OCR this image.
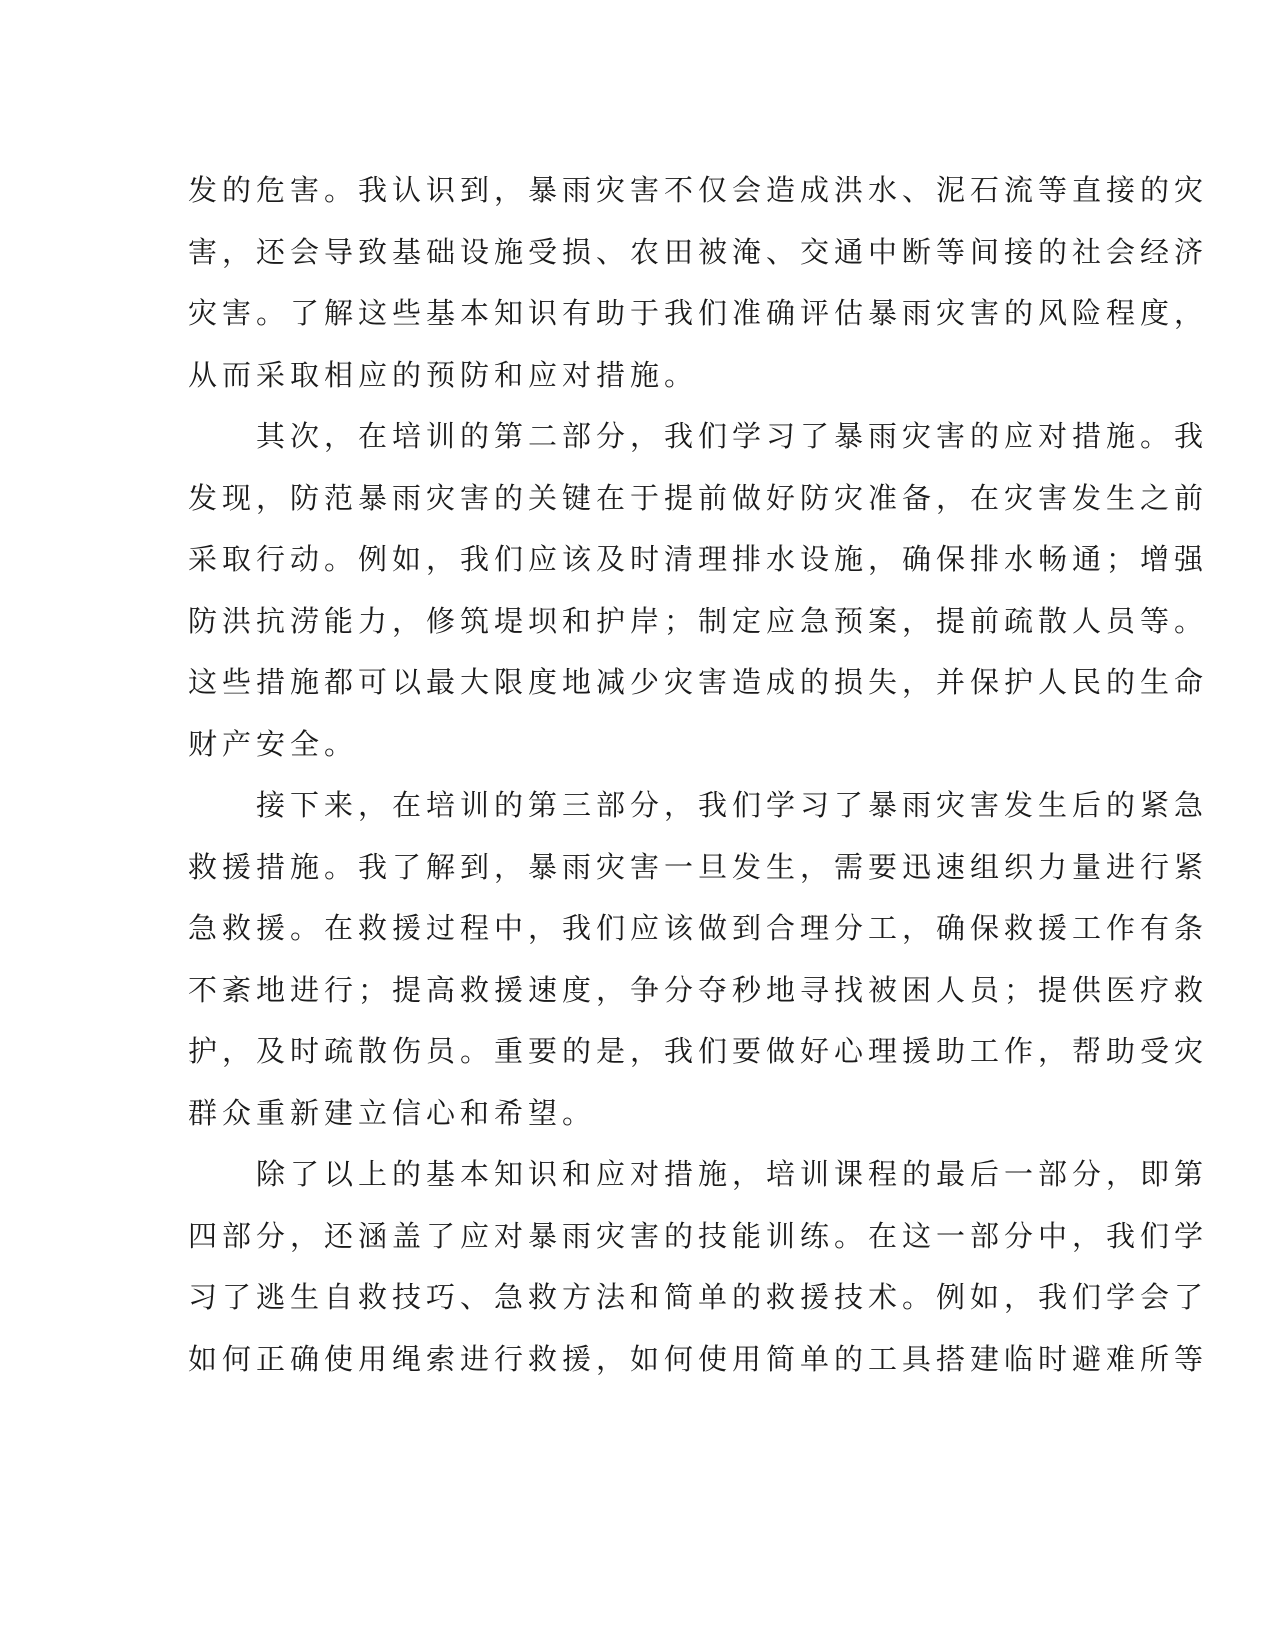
发的危害。我认识到，暴雨灾害不仅会造成洪水、泥石流等直接的灾
害，还会导致基础设施受损、农田被淹、交通中断等间接的社会经济
灾害。了解这些基本知识有助于我们准确评估暴雨灾害的风险程度，
从而采取相应的预防和应对措施。
其次，在培训的第二部分，我们学习了暴雨灾害的应对措施。我
发现，防范暴雨灾害的关键在于提前做好防灾准备，在灾害发生之前
采取行动。例如，我们应该及时清理排水设施，确保排水畅通；增强
防洪抗涝能力，修筑堤坝和护岸；制定应急预案，提前疏散人员等。
这些措施都可以最大限度地减少灾害造成的损失，并保护人民的生命
财产安全。
接下来，在培训的第三部分，我们学习了暴雨灾害发生后的紧急
救援措施。我了解到，暴雨灾害一旦发生，需要迅速组织力量进行紧
急救援。在救援过程中，我们应该做到合理分工，确保救援工作有条
不紊地进行；提高救援速度，争分夺秒地寻找被困人员；提供医疗救
护，及时疏散伤员。重要的是，我们要做好心理援助工作，帮助受灾
群众重新建立信心和希望。
除了以上的基本知识和应对措施，培训课程的最后一部分，即第
四部分，还涵盖了应对暴雨灾害的技能训练。在这一部分中，我们学
习了逃生自救技巧、急救方法和简单的救援技术。例如，我们学会了
如何正确使用绳索进行救援，如何使用简单的工具搭建临时避难所等
